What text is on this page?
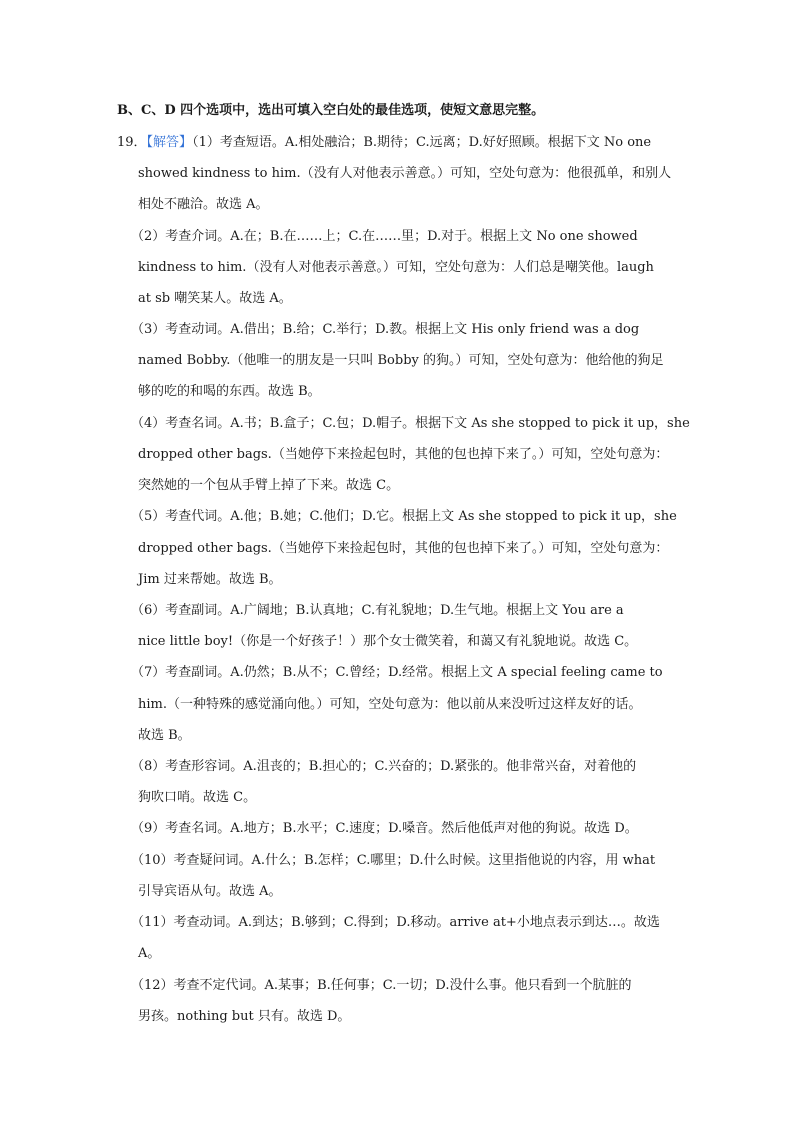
B、C、D 四个选项中，选出可填入空白处的最佳选项，使短文意思完整。
19．【解答】（1）考查短语。A.相处融洽；B.期待；C.远离；D.好好照顾。根据下文 No one
showed kindness to him.（没有人对他表示善意。）可知，空处句意为：他很孤单，和别人
相处不融洽。故选 A。
（2）考查介词。A.在；B.在……上；C.在……里；D.对于。根据上文 No one showed
kindness to him.（没有人对他表示善意。）可知，空处句意为：人们总是嘲笑他。laugh
at sb 嘲笑某人。故选 A。
（3）考查动词。A.借出；B.给；C.举行；D.教。根据上文 His only friend was a dog
named Bobby.（他唯一的朋友是一只叫 Bobby 的狗。）可知，空处句意为：他给他的狗足
够的吃的和喝的东西。故选 B。
（4）考查名词。A.书；B.盒子；C.包；D.帽子。根据下文 As she stopped to pick it up，she
dropped other bags.（当她停下来捡起包时，其他的包也掉下来了。）可知，空处句意为：
突然她的一个包从手臂上掉了下来。故选 C。
（5）考查代词。A.他；B.她；C.他们；D.它。根据上文 As she stopped to pick it up，she
dropped other bags.（当她停下来捡起包时，其他的包也掉下来了。）可知，空处句意为：
Jim 过来帮她。故选 B。
（6）考查副词。A.广阔地；B.认真地；C.有礼貌地；D.生气地。根据上文 You are a
nice little boy!（你是一个好孩子！）那个女士微笑着，和蔼又有礼貌地说。故选 C。
（7）考查副词。A.仍然；B.从不；C.曾经；D.经常。根据上文 A special feeling came to
him.（一种特殊的感觉涌向他。）可知，空处句意为：他以前从来没听过这样友好的话。
故选 B。
（8）考查形容词。A.沮丧的；B.担心的；C.兴奋的；D.紧张的。他非常兴奋，对着他的
狗吹口哨。故选 C。
（9）考查名词。A.地方；B.水平；C.速度；D.嗓音。然后他低声对他的狗说。故选 D。
（10）考查疑问词。A.什么；B.怎样；C.哪里；D.什么时候。这里指他说的内容，用 what
引导宾语从句。故选 A。
（11）考查动词。A.到达；B.够到；C.得到；D.移动。arrive at+小地点表示到达…。故选
A。
（12）考查不定代词。A.某事；B.任何事；C.一切；D.没什么事。他只看到一个肮脏的
男孩。nothing but 只有。故选 D。
